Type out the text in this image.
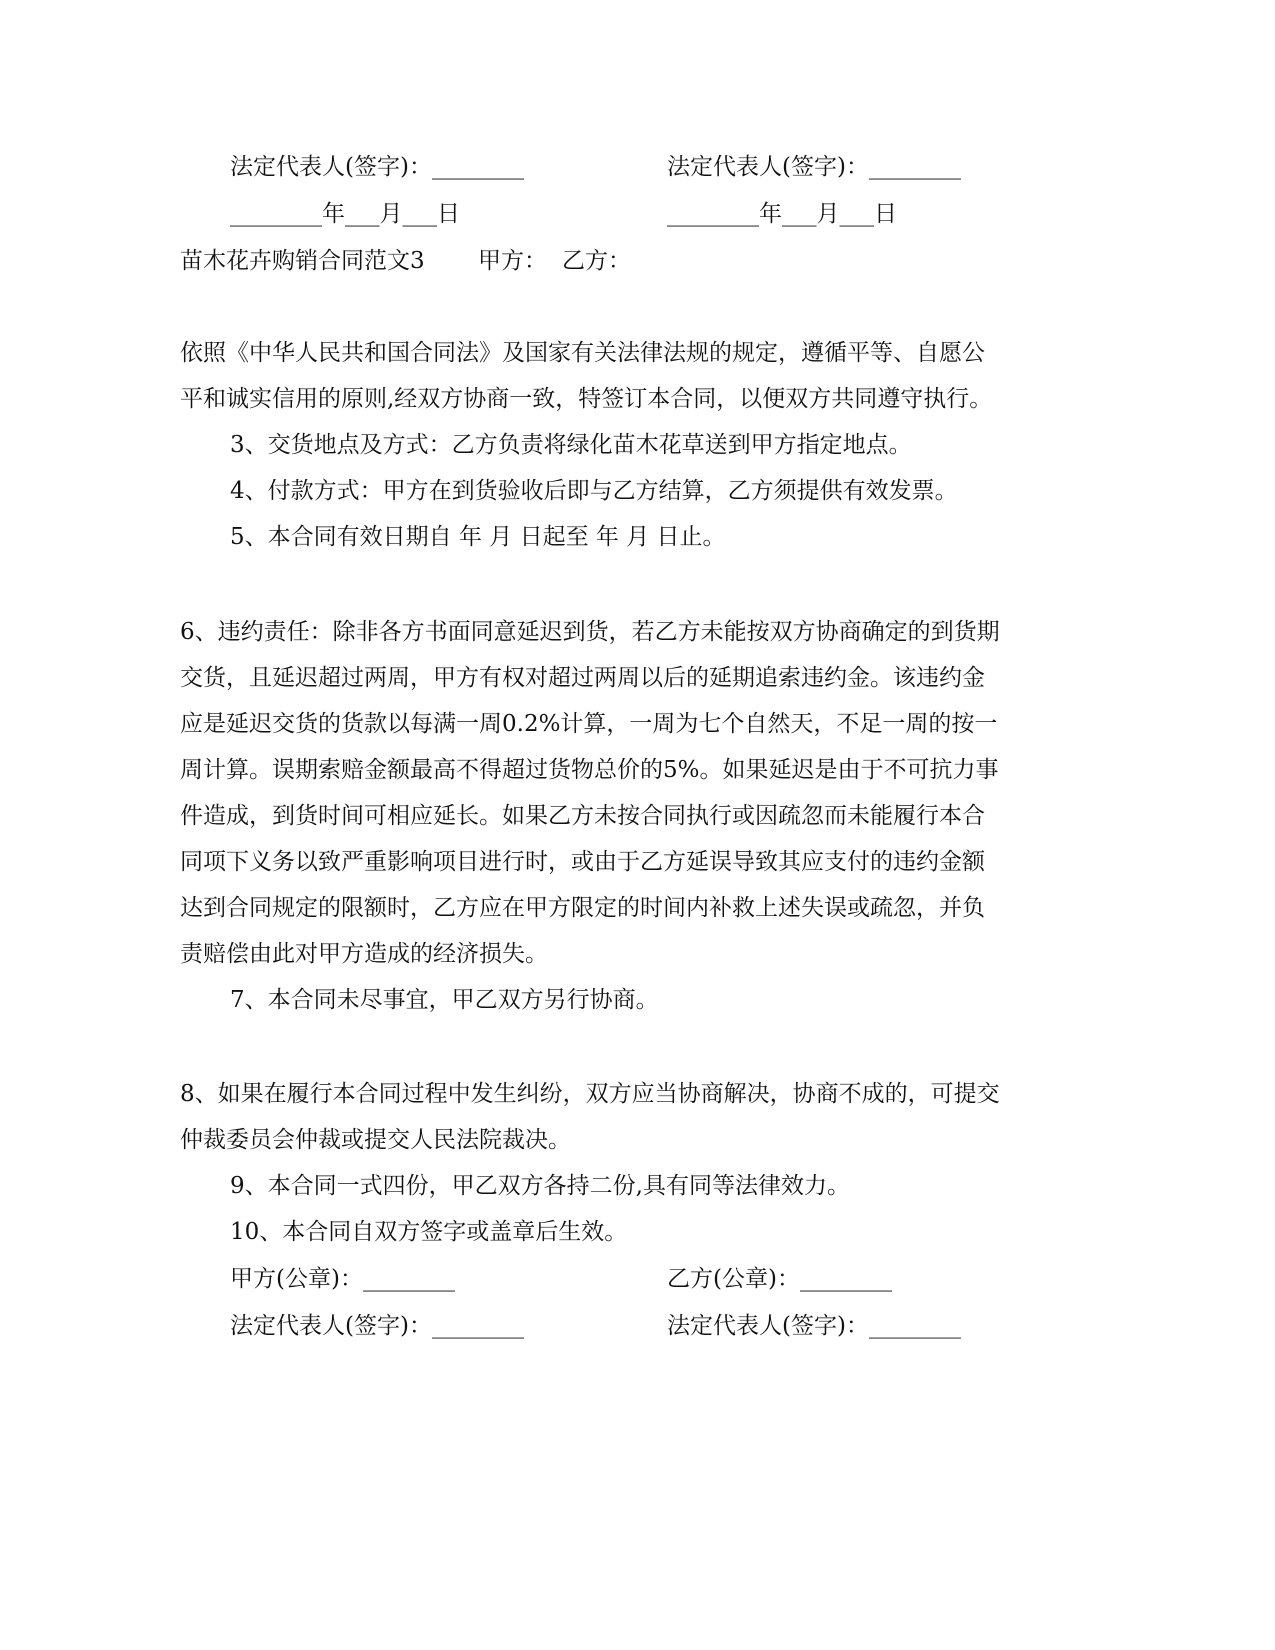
法定代表人(签字)：________	法定代表人(签字)：________
________年___月___日	________年___月___日
苗木花卉购销合同范文3 甲方： 乙方：

依照《中华人民共和国合同法》及国家有关法律法规的规定，遵循平等、自愿公

平和诚实信用的原则,经双方协商一致，特签订本合同，以便双方共同遵守执行。

3、交货地点及方式：乙方负责将绿化苗木花草送到甲方指定地点。

4、付款方式：甲方在到货验收后即与乙方结算，乙方须提供有效发票。

5、本合同有效日期自 年 月 日起至 年 月 日止。

6、违约责任：除非各方书面同意延迟到货，若乙方未能按双方协商确定的到货期

交货，且延迟超过两周，甲方有权对超过两周以后的延期追索违约金。该违约金

应是延迟交货的货款以每满一周0.2%计算，一周为七个自然天，不足一周的按一

周计算。误期索赔金额最高不得超过货物总价的5%。如果延迟是由于不可抗力事

件造成，到货时间可相应延长。如果乙方未按合同执行或因疏忽而未能履行本合

同项下义务以致严重影响项目进行时，或由于乙方延误导致其应支付的违约金额

达到合同规定的限额时，乙方应在甲方限定的时间内补救上述失误或疏忽，并负

责赔偿由此对甲方造成的经济损失。

7、本合同未尽事宜，甲乙双方另行协商。

8、如果在履行本合同过程中发生纠纷，双方应当协商解决，协商不成的，可提交

仲裁委员会仲裁或提交人民法院裁决。

9、本合同一式四份，甲乙双方各持二份,具有同等法律效力。

10、本合同自双方签字或盖章后生效。

甲方(公章)：________	乙方(公章)：________
法定代表人(签字)：________	法定代表人(签字)：________
